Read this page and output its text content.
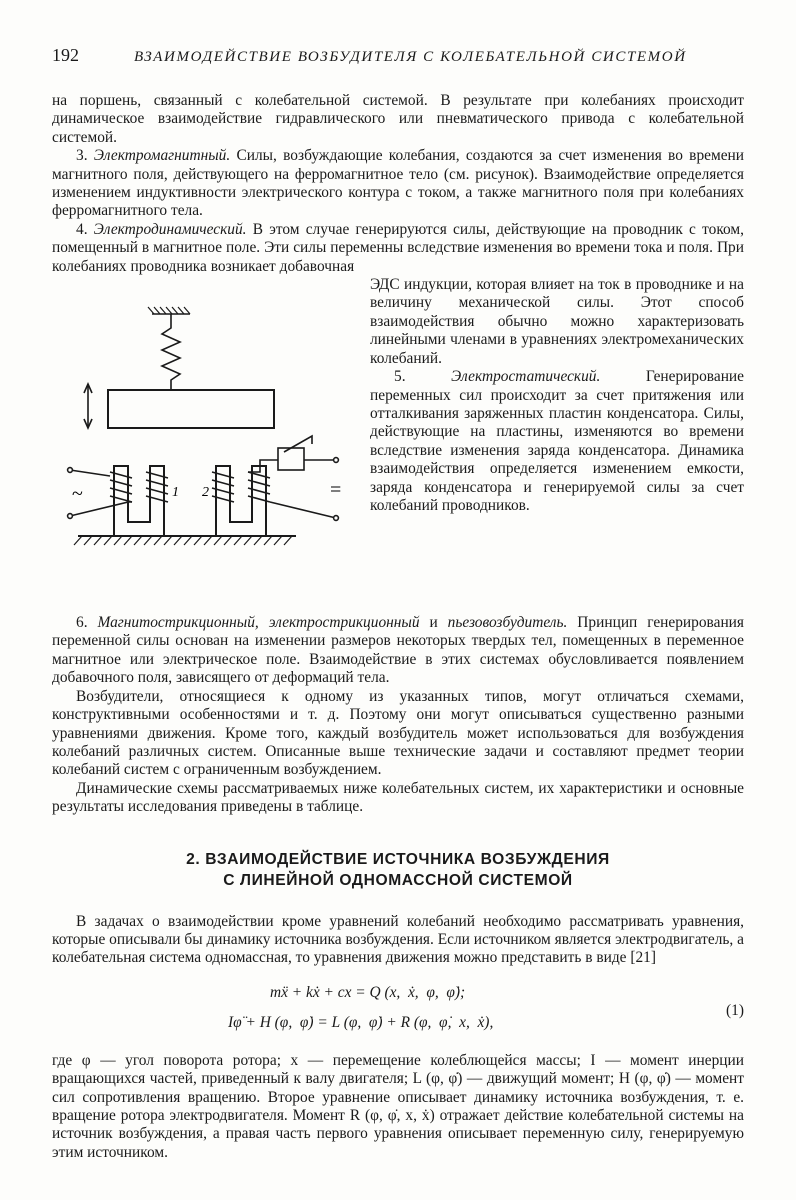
192	ВЗАИМОДЕЙСТВИЕ ВОЗБУДИТЕЛЯ С КОЛЕБАТЕЛЬНОЙ СИСТЕМОЙ

на поршень, связанный с колебательной системой. В результате при колебаниях происходит динамическое взаимодействие гидравлического или пневматического привода с колебательной системой.

3. Электромагнитный. Силы, возбуждающие колебания, создаются за счет изменения во времени магнитного поля, действующего на ферромагнитное тело (см. рисунок). Взаимодействие определяется изменением индуктивности электрического контура с током, а также магнитного поля при колебаниях ферромагнитного тела.

4. Электродинамический. В этом случае генерируются силы, действующие на проводник с током, помещенный в магнитное поле. Эти силы переменны вследствие изменения во времени тока и поля. При колебаниях проводника возникает добавочная

~	=
1 2

ЭДС индукции, которая влияет на ток в проводнике и на величину механической силы. Этот способ взаимодействия обычно можно характеризовать линейными членами в уравнениях электромеханических колебаний.

5. Электростатический. Генерирование переменных сил происходит за счет притяжения или отталкивания заряженных пластин конденсатора. Силы, действующие на пластины, изменяются во времени вследствие изменения заряда конденсатора. Динамика взаимодействия определяется изменением емкости, заряда конденсатора и генерируемой силы за счет колебаний проводников.

6. Магнитострикционный, электрострикционный и пьезовозбудитель. Принцип генерирования переменной силы основан на изменении размеров некоторых твердых тел, помещенных в переменное магнитное или электрическое поле. Взаимодействие в этих системах обусловливается появлением добавочного поля, зависящего от деформаций тела.

Возбудители, относящиеся к одному из указанных типов, могут отличаться схемами, конструктивными особенностями и т. д. Поэтому они могут описываться существенно разными уравнениями движения. Кроме того, каждый возбудитель может использоваться для возбуждения колебаний различных систем. Описанные выше технические задачи и составляют предмет теории колебаний систем с ограниченным возбуждением.

Динамические схемы рассматриваемых ниже колебательных систем, их характеристики и основные результаты исследования приведены в таблице.

2. ВЗАИМОДЕЙСТВИЕ ИСТОЧНИКА ВОЗБУЖДЕНИЯ
С ЛИНЕЙНОЙ ОДНОМАССНОЙ СИСТЕМОЙ

В задачах о взаимодействии кроме уравнений колебаний необходимо рассматривать уравнения, которые описывали бы динамику источника возбуждения. Если источником является электродвигатель, а колебательная система одномассная, то уравнения движения можно представить в виде [21]

mẍ + kẋ + cx = Q (x,  ẋ,  φ,  φ̇);
Iφ̈ + H (φ,  φ̇) = L (φ,  φ̇) + R (φ,  φ̇,  x,  ẋ),
(1)

где φ — угол поворота ротора; x — перемещение колеблющейся массы; I — момент инерции вращающихся частей, приведенный к валу двигателя; L (φ, φ̇) — движущий момент; H (φ, φ̇) — момент сил сопротивления вращению. Второе уравнение описывает динамику источника возбуждения, т. е. вращение ротора электродвигателя. Момент R (φ, φ̇, x, ẋ) отражает действие колебательной системы на источник возбуждения, а правая часть первого уравнения описывает переменную силу, генерируемую этим источником.
